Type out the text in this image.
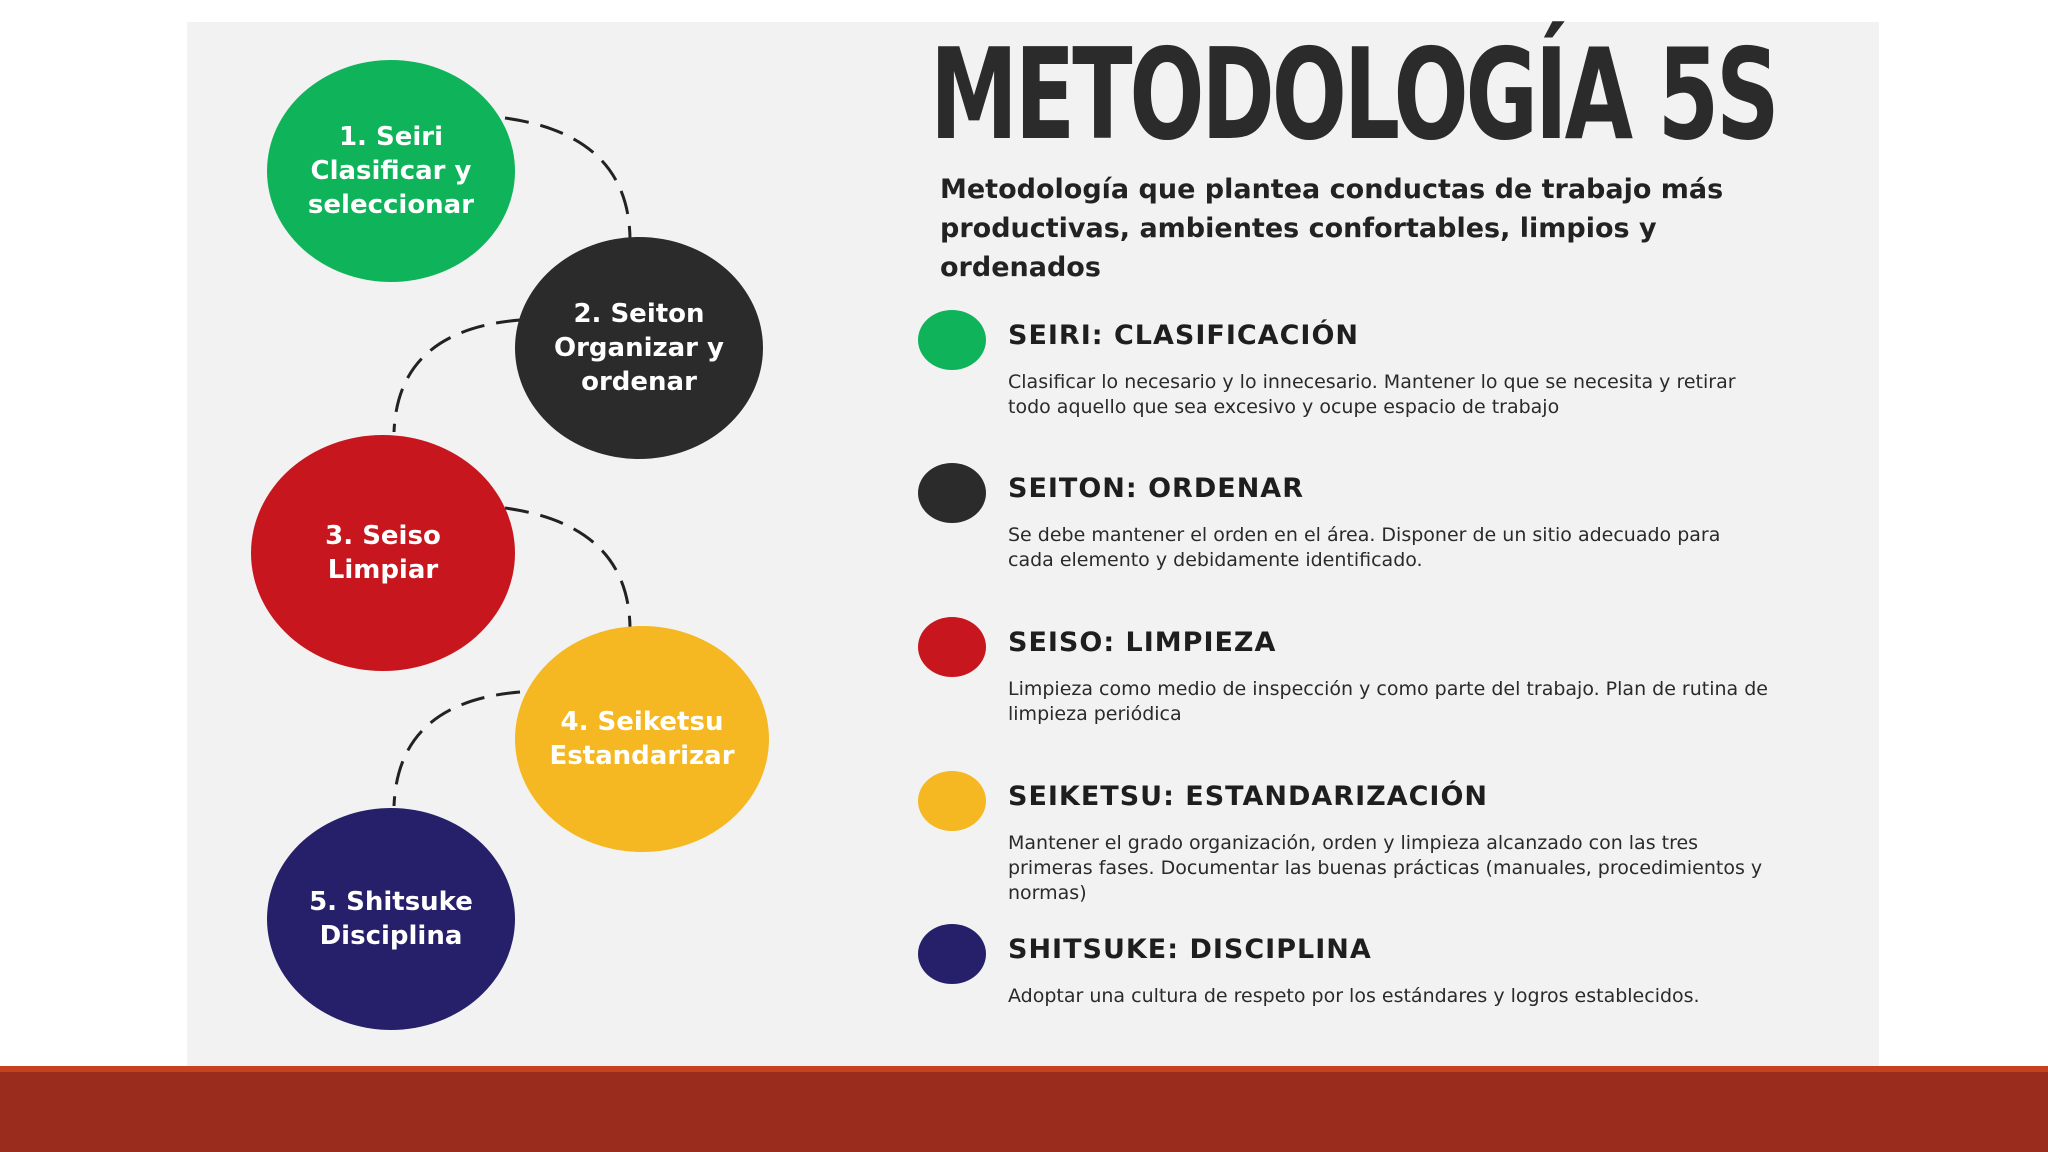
1. Seiri
Clasificar y
seleccionar
2. Seiton
Organizar y
ordenar
3. Seiso
Limpiar
4. Seiketsu
Estandarizar
5. Shitsuke
Disciplina
METODOLOGÍA 5S
Metodología que plantea conductas de trabajo más productivas, ambientes confortables, limpios y ordenados
SEIRI: CLASIFICACIÓN
Clasificar lo necesario y lo innecesario. Mantener lo que se necesita y retirar todo aquello que sea excesivo y ocupe espacio de trabajo
SEITON: ORDENAR
Se debe mantener el orden en el área. Disponer de un sitio adecuado para cada elemento y debidamente identificado.
SEISO: LIMPIEZA
Limpieza como medio de inspección y como parte del trabajo. Plan de rutina de limpieza periódica
SEIKETSU: ESTANDARIZACIÓN
Mantener el grado organización, orden y limpieza alcanzado con las tres primeras fases. Documentar las buenas prácticas (manuales, procedimientos y normas)
SHITSUKE: DISCIPLINA
Adoptar una cultura de respeto por los estándares y logros establecidos.
